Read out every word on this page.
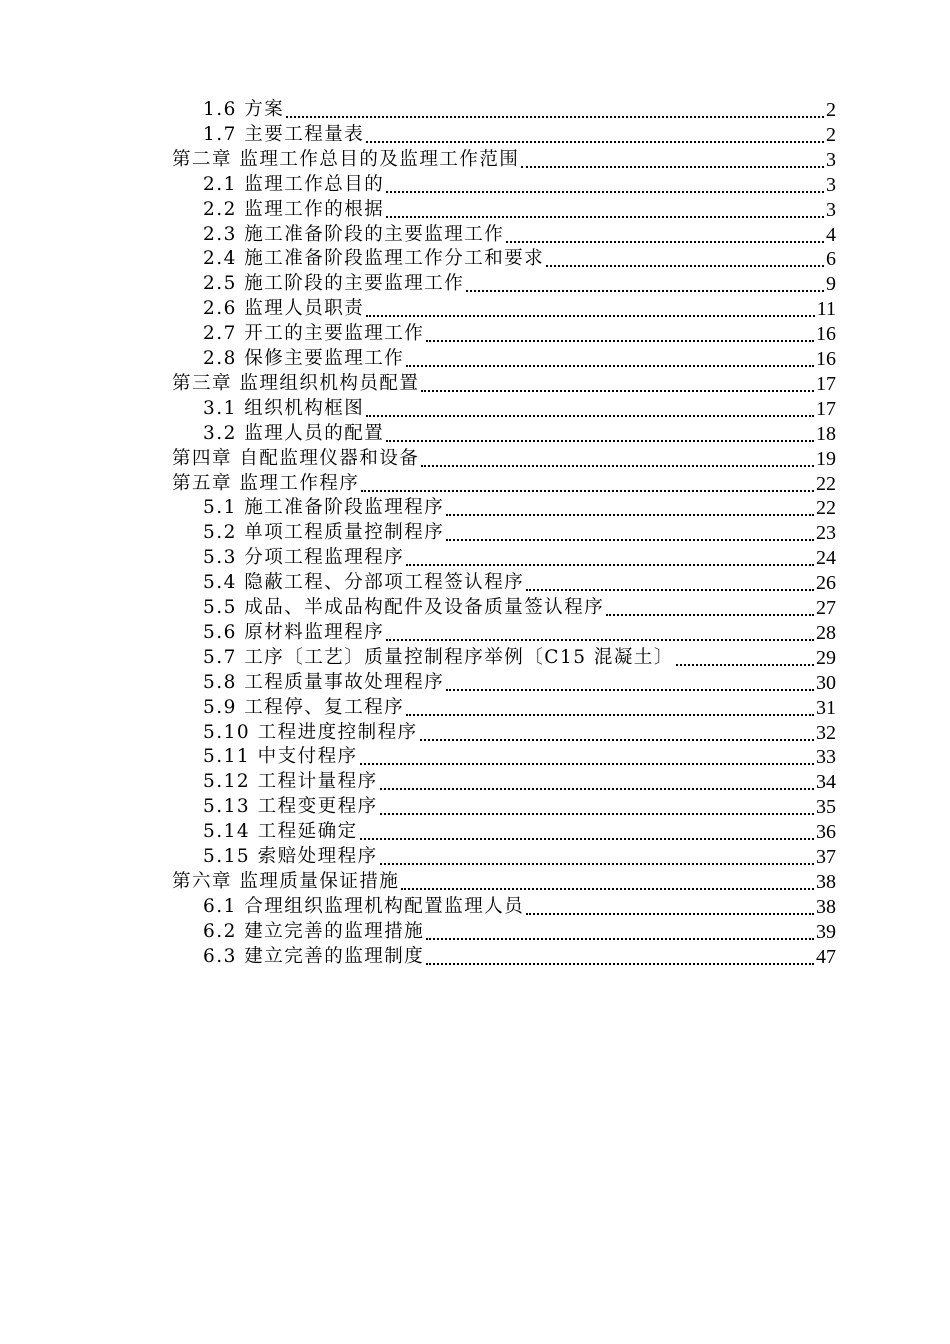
1.6 方案	2
1.7 主要工程量表	2
第二章 监理工作总目的及监理工作范围	3
2.1 监理工作总目的	3
2.2 监理工作的根据	3
2.3 施工准备阶段的主要监理工作	4
2.4 施工准备阶段监理工作分工和要求	6
2.5 施工阶段的主要监理工作	9
2.6 监理人员职责	11
2.7 开工的主要监理工作	16
2.8 保修主要监理工作	16
第三章 监理组织机构员配置	17
3.1 组织机构框图	17
3.2 监理人员的配置	18
第四章 自配监理仪器和设备	19
第五章 监理工作程序	22
5.1 施工准备阶段监理程序	22
5.2 单项工程质量控制程序	23
5.3 分项工程监理程序	24
5.4 隐蔽工程、分部项工程签认程序	26
5.5 成品、半成品构配件及设备质量签认程序	27
5.6 原材料监理程序	28
5.7 工序〔工艺〕质量控制程序举例〔C15 混凝土〕	29
5.8 工程质量事故处理程序	30
5.9 工程停、复工程序	31
5.10 工程进度控制程序	32
5.11 中支付程序	33
5.12 工程计量程序	34
5.13 工程变更程序	35
5.14 工程延确定	36
5.15 索赔处理程序	37
第六章 监理质量保证措施	38
6.1 合理组织监理机构配置监理人员	38
6.2 建立完善的监理措施	39
6.3 建立完善的监理制度	47
